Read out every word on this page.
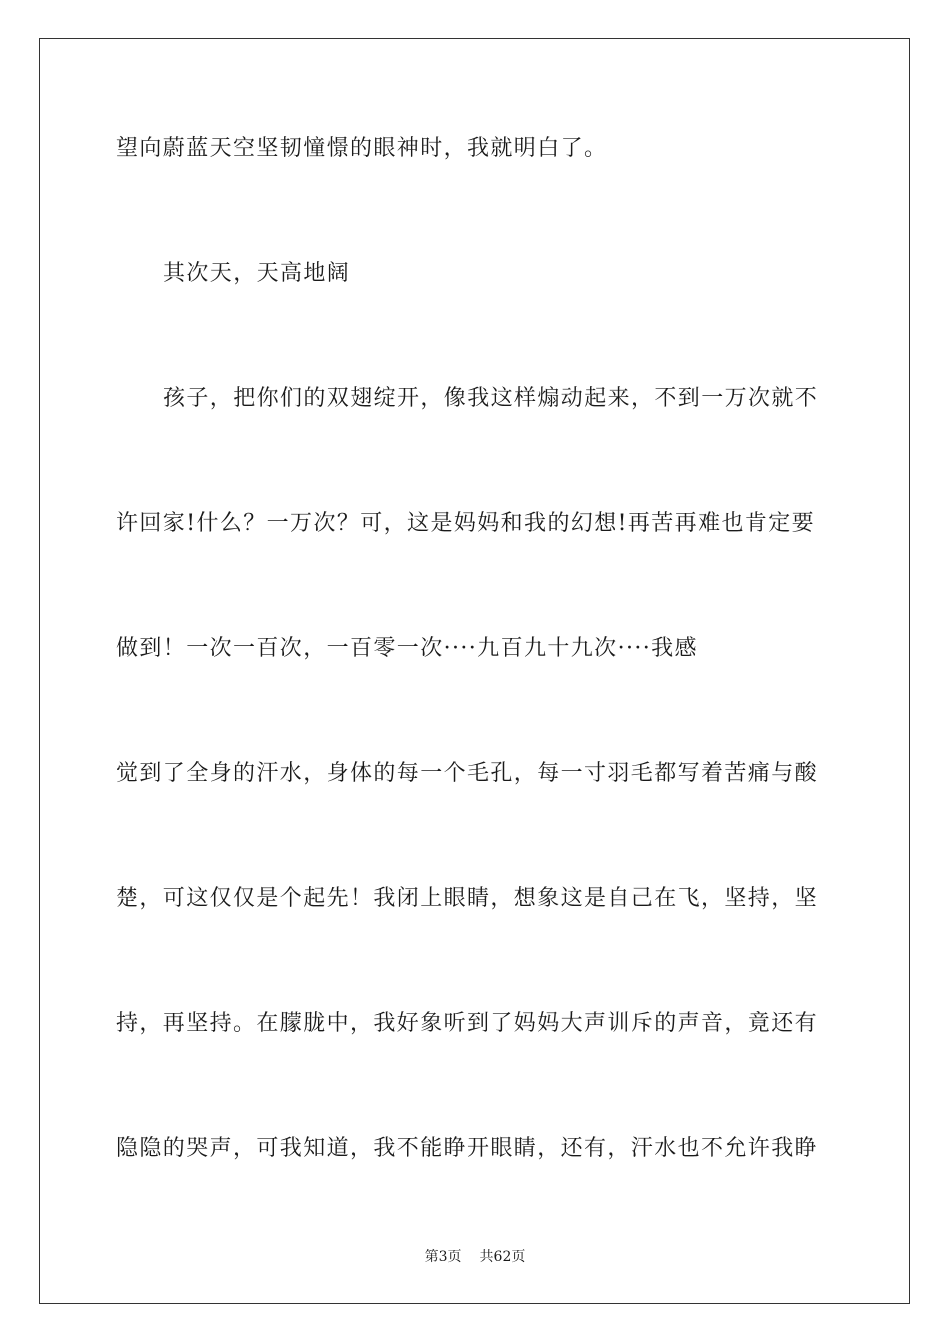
望向蔚蓝天空坚韧憧憬的眼神时，我就明白了。
其次天，天高地阔
孩子，把你们的双翅绽开，像我这样煽动起来，不到一万次就不
许回家!什么？一万次？可，这是妈妈和我的幻想!再苦再难也肯定要
做到！一次一百次，一百零一次····九百九十九次····我感
觉到了全身的汗水，身体的每一个毛孔，每一寸羽毛都写着苦痛与酸
楚，可这仅仅是个起先！我闭上眼睛，想象这是自己在飞，坚持，坚
持，再坚持。在朦胧中，我好象听到了妈妈大声训斥的声音，竟还有
隐隐的哭声，可我知道，我不能睁开眼睛，还有，汗水也不允许我睁
第3页 共62页
